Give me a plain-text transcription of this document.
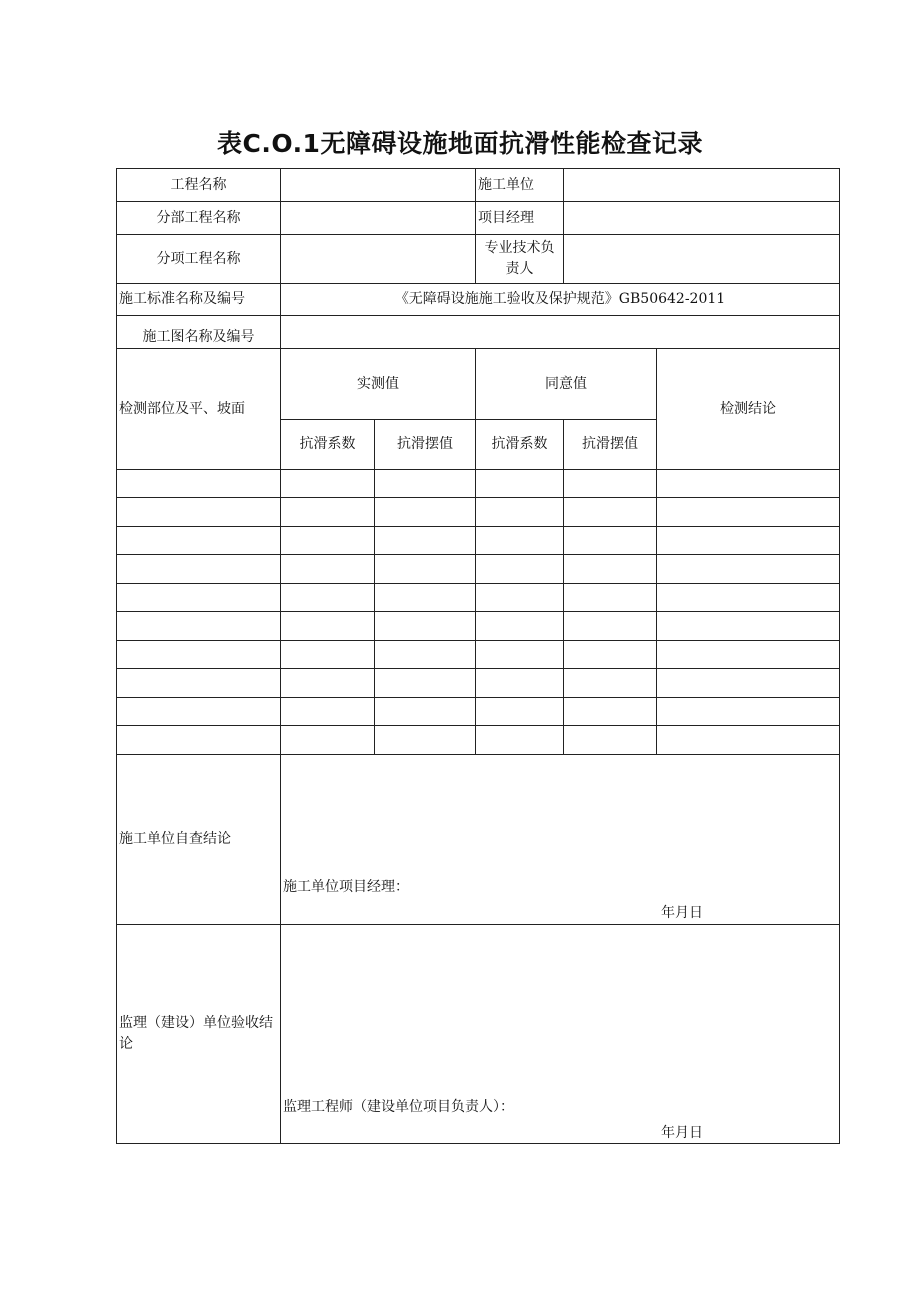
表C.O.1无障碍设施地面抗滑性能检查记录
工程名称			施工单位		
分部工程名称			项目经理		
分项工程名称			专业技术负责人		
施工标准名称及编号	《无障碍设施施工验收及保护规范》GB50642-2011				
施工图名称及编号					
检测部位及平、坡面	实测值		同意值		检测结论
	抗滑系数	抗滑摆值	抗滑系数	抗滑摆值	

施工单位自查结论	施工单位项目经理：
年月日				

监理（建设）单位验收结论	监理工程师（建设单位项目负责人）：
年月日				
